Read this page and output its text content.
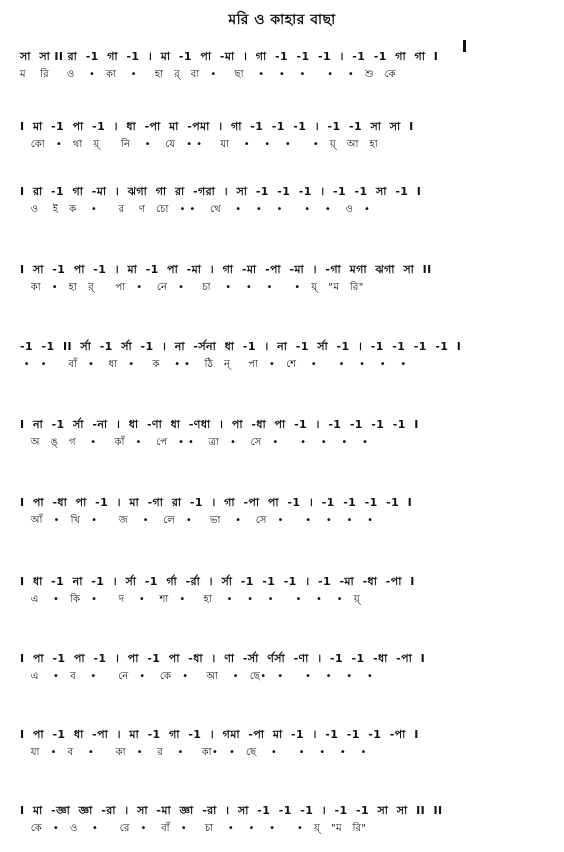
মরি ও কাহার বাছা
সা  সা II রা  -1  গা  -1  ।  মা  -1  পা  -মা  ।  গা  -1  -1  -1  ।  -1  -1  গা  গা  I
ম    রি     ও    •   কা    •     হা   র্   বা   •     ছা    •    •    •      •    •   শু   কে
I  মা  -1  পা  -1  ।  ধা  -পা  মা  -পমা  ।  গা  -1  -1  -1  ।  -1  -1  সা  সা  I
কো   •   থা   য়্      নি    •    যে   • •     যা    •    •    •      •   য়্   আ   হা
I  রা  -1  গা  -মা  ।  ঝগা  গা  রা  -গরা  ।  সা  -1  -1  -1  ।  -1  -1  সা  -1  I
ও    ই   ক    •      র    ণ   চো   • •    থে    •    •    •      •    •    ও   •
I  সা  -1  পা  -1  ।  মা  -1  পা  -মা  ।  গা  -মা  -পা  -মা  ।  -গা  মগা  ঝগা  সা  II
কা   •   হা   র্      পা   •    নে   •     চা    •    •    •      •   য়্   "ম   রি"
-1  -1  II  র্সা  -1  র্সা  -1  ।  না  -র্সনা  ধা  -1  ।  না  -1  র্সা  -1  ।  -1  -1  -1  -1  I
•   •      বাঁ   •    ধা   •     ক    • •    ঠি   ন্     পা   •   শে    •      •    •    •    •
I  না  -1  র্সা  -না  ।  ধা  -ণা  ধা  -ণধা  ।  পা  -ধা  পা  -1  ।  -1  -1  -1  -1  I
অ   ঙ্   গ    •     কাঁ   •    পে   • •    ত্রা   •    সে   •      •    •    •    •
I  পা  -ধা  পা  -1  ।  মা  -গা  রা  -1  ।  গা  -পা  পা  -1  ।  -1  -1  -1  -1  I
আঁ   •   খি   •      জ    •    লে   •     ভা    •    সে   •      •    •    •    •
I  ধা  -1  না  -1  ।  র্সা  -1  র্গা  -র্রা  ।  র্সা  -1  -1  -1  ।  -1  -মা  -ধা  -পা  I
এ    •   কি   •      দ    •    শা   •     হা    •    •    •      •    •    •   য়্
I  পা  -1  পা  -1  ।  পা  -1  পা  -ধা  ।  ণা  -র্সা  র্ণর্সা  -ণা  ।  -1  -1  -ধা  -পা  I
এ    •   ব    •      নে   •    কে   •     আ    •   ছে•   •      •    •    •    •
I  পা  -1  ধা  -পা  ।  মা  -1  গা  -1  ।  গমা  -পা  মা  -1  ।  -1  -1  -1  -পা  I
যা   •   ব    •      কা   •    র    •     কা•   •   ছে    •      •    •    •    •
I  মা  -জ্ঞা  জ্ঞা  -রা  ।  সা  -মা  জ্ঞা  -রা  ।  সা  -1  -1  -1  ।  -1  -1  সা  সা  II  II
কে   •   ও    •      রে   •    বাঁ   •     চা    •    •    •      •   য়্   "ম   রি"
